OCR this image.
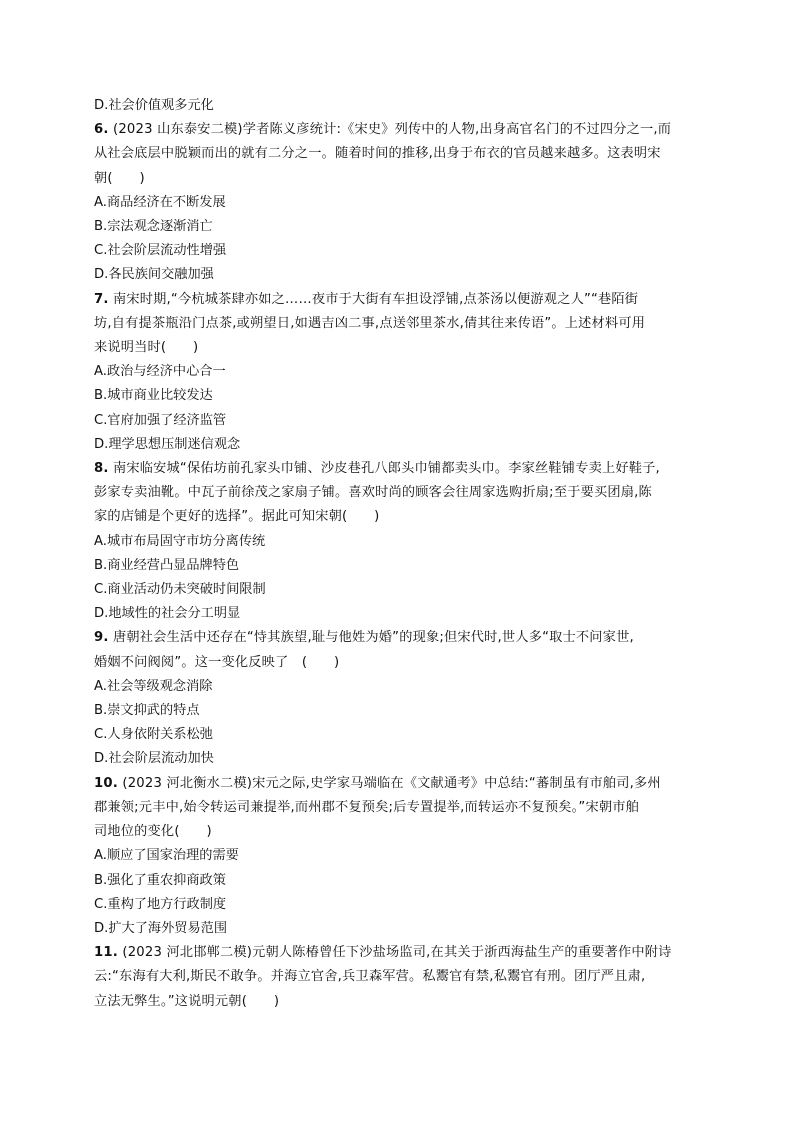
D.社会价值观多元化
6. (2023 山东泰安二模)学者陈义彦统计:《宋史》列传中的人物,出身高官名门的不过四分之一,而
从社会底层中脱颖而出的就有二分之一。随着时间的推移,出身于布衣的官员越来越多。这表明宋
朝(　　)
A.商品经济在不断发展
B.宗法观念逐渐消亡
C.社会阶层流动性增强
D.各民族间交融加强
7. 南宋时期,“今杭城茶肆亦如之……夜市于大街有车担设浮铺,点茶汤以便游观之人”“巷陌街
坊,自有提茶瓶沿门点茶,或朔望日,如遇吉凶二事,点送邻里茶水,倩其往来传语”。上述材料可用
来说明当时(　　)
A.政治与经济中心合一
B.城市商业比较发达
C.官府加强了经济监管
D.理学思想压制迷信观念
8. 南宋临安城“保佑坊前孔家头巾铺、沙皮巷孔八郎头巾铺都卖头巾。李家丝鞋铺专卖上好鞋子,
彭家专卖油靴。中瓦子前徐茂之家扇子铺。喜欢时尚的顾客会往周家选购折扇;至于要买团扇,陈
家的店铺是个更好的选择”。据此可知宋朝(　　)
A.城市布局固守市坊分离传统
B.商业经营凸显品牌特色
C.商业活动仍未突破时间限制
D.地域性的社会分工明显
9. 唐朝社会生活中还存在“恃其族望,耻与他姓为婚”的现象;但宋代时,世人多“取士不问家世,
婚姻不问阀阅”。这一变化反映了　(　　)
A.社会等级观念消除
B.崇文抑武的特点
C.人身依附关系松弛
D.社会阶层流动加快
10. (2023 河北衡水二模)宋元之际,史学家马端临在《文献通考》中总结:“蕃制虽有市舶司,多州
郡兼领;元丰中,始令转运司兼提举,而州郡不复预矣;后专置提举,而转运亦不复预矣。”宋朝市舶
司地位的变化(　　)
A.顺应了国家治理的需要
B.强化了重农抑商政策
C.重构了地方行政制度
D.扩大了海外贸易范围
11. (2023 河北邯郸二模)元朝人陈椿曾任下沙盐场监司,在其关于浙西海盐生产的重要著作中附诗
云:“东海有大利,斯民不敢争。并海立官舍,兵卫森军营。私鬻官有禁,私鬻官有刑。团厅严且肃,
立法无弊生。”这说明元朝(　　)
